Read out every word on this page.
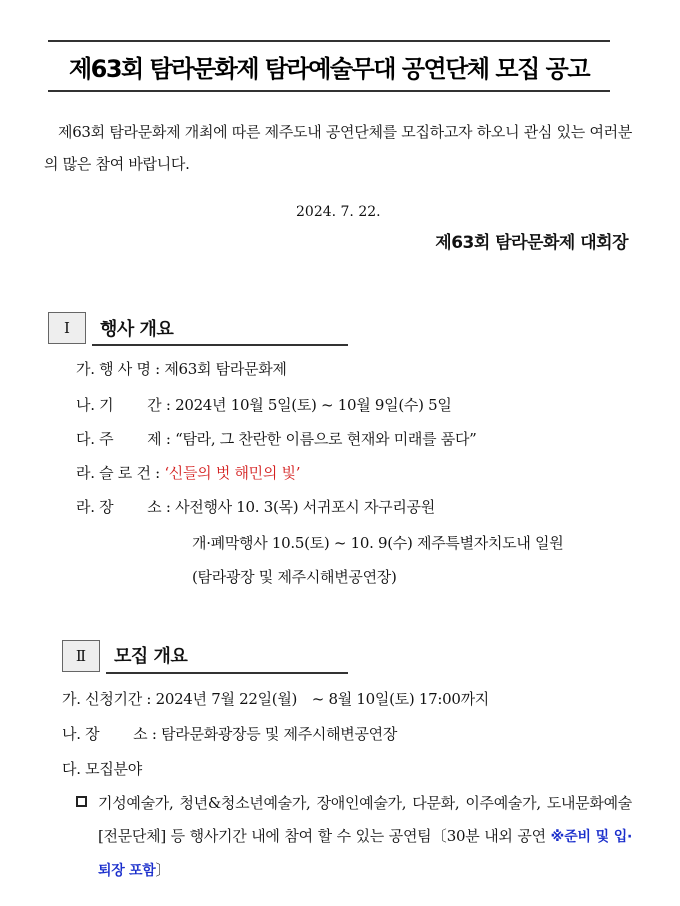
제63회 탐라문화제 탐라예술무대 공연단체 모집 공고

제63회 탐라문화제 개최에 따른 제주도내 공연단체를 모집하고자 하오니 관심 있는 여러분의 많은 참여 바랍니다.

2024. 7. 22.
제63회 탐라문화제 대회장
Ⅰ	행사 개요
가. 행 사 명 : 제63회 탐라문화제
나. 기　　 간 : 2024년 10월 5일(토) ~ 10월 9일(수) 5일
다. 주　　 제 : “탐라, 그 찬란한 이름으로 현재와 미래를 품다”
라. 슬 로 건 : ‘신들의 벗 해민의 빛’
라. 장　　 소 : 사전행사 10. 3(목) 서귀포시 자구리공원
개·폐막행사 10.5(토) ~ 10. 9(수) 제주특별자치도내 일원
(탐라광장 및 제주시해변공연장)
Ⅱ	모집 개요
가. 신청기간 : 2024년 7월 22일(월)　~ 8월 10일(토) 17:00까지
나. 장　　 소 : 탐라문화광장등 및 제주시해변공연장
다. 모집분야
기성예술가, 청년&청소년예술가, 장애인예술가, 다문화, 이주예술가, 도내문화예술[전문단체] 등 행사기간 내에 참여 할 수 있는 공연팀〔30분 내외 공연 ※준비 및 입·퇴장 포함〕
